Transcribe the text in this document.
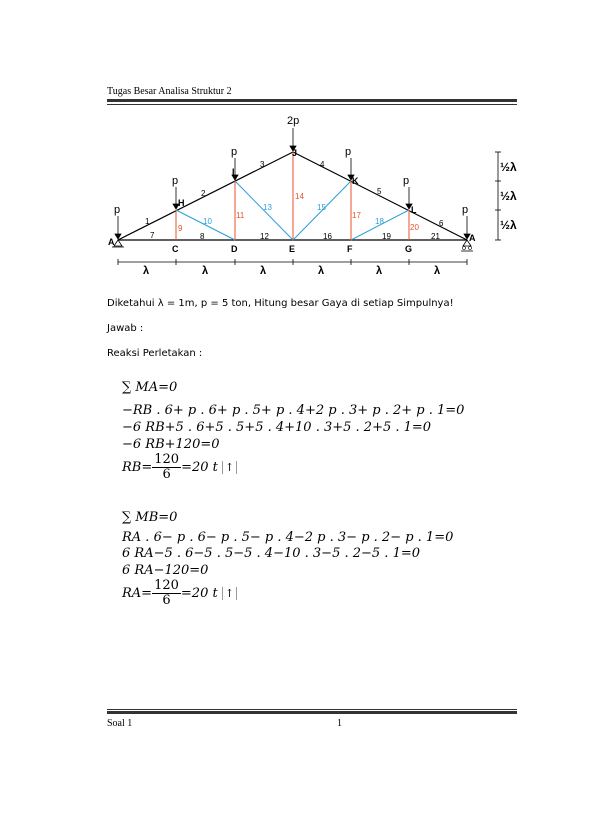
Tugas Besar Analisa Struktur 2
p
p
p
2p
p
p
p
A
H
I
J
K
L
A
C	D	E	F	G
1
2
3	4
5
6
7	8
9
10
11
12
13
14
15
16
17
18
19
20
21
λ	λ	λ	λ	λ	λ
½λ
½λ
½λ
Diketahui λ = 1m, p = 5 ton, Hitung besar Gaya di setiap Simpulnya!
Jawab :
Reaksi Perletakan :
∑ MA=0
−RB . 6+ p . 6+ p . 5+ p . 4+2 p . 3+ p . 2+ p . 1=0
−6 RB+5 . 6+5 . 5+5 . 4+10 . 3+5 . 2+5 . 1=0
−6 RB+120=0
$RB= \frac{120}{6} =20$ t ↑
∑ MB=0
RA . 6− p . 6− p . 5− p . 4−2 p . 3− p . 2− p . 1=0
6 RA−5 . 6−5 . 5−5 . 4−10 . 3−5 . 2−5 . 1=0
6 RA−120=0
$RA= \frac{120}{6} =20$ t ↑
Soal 1	1
